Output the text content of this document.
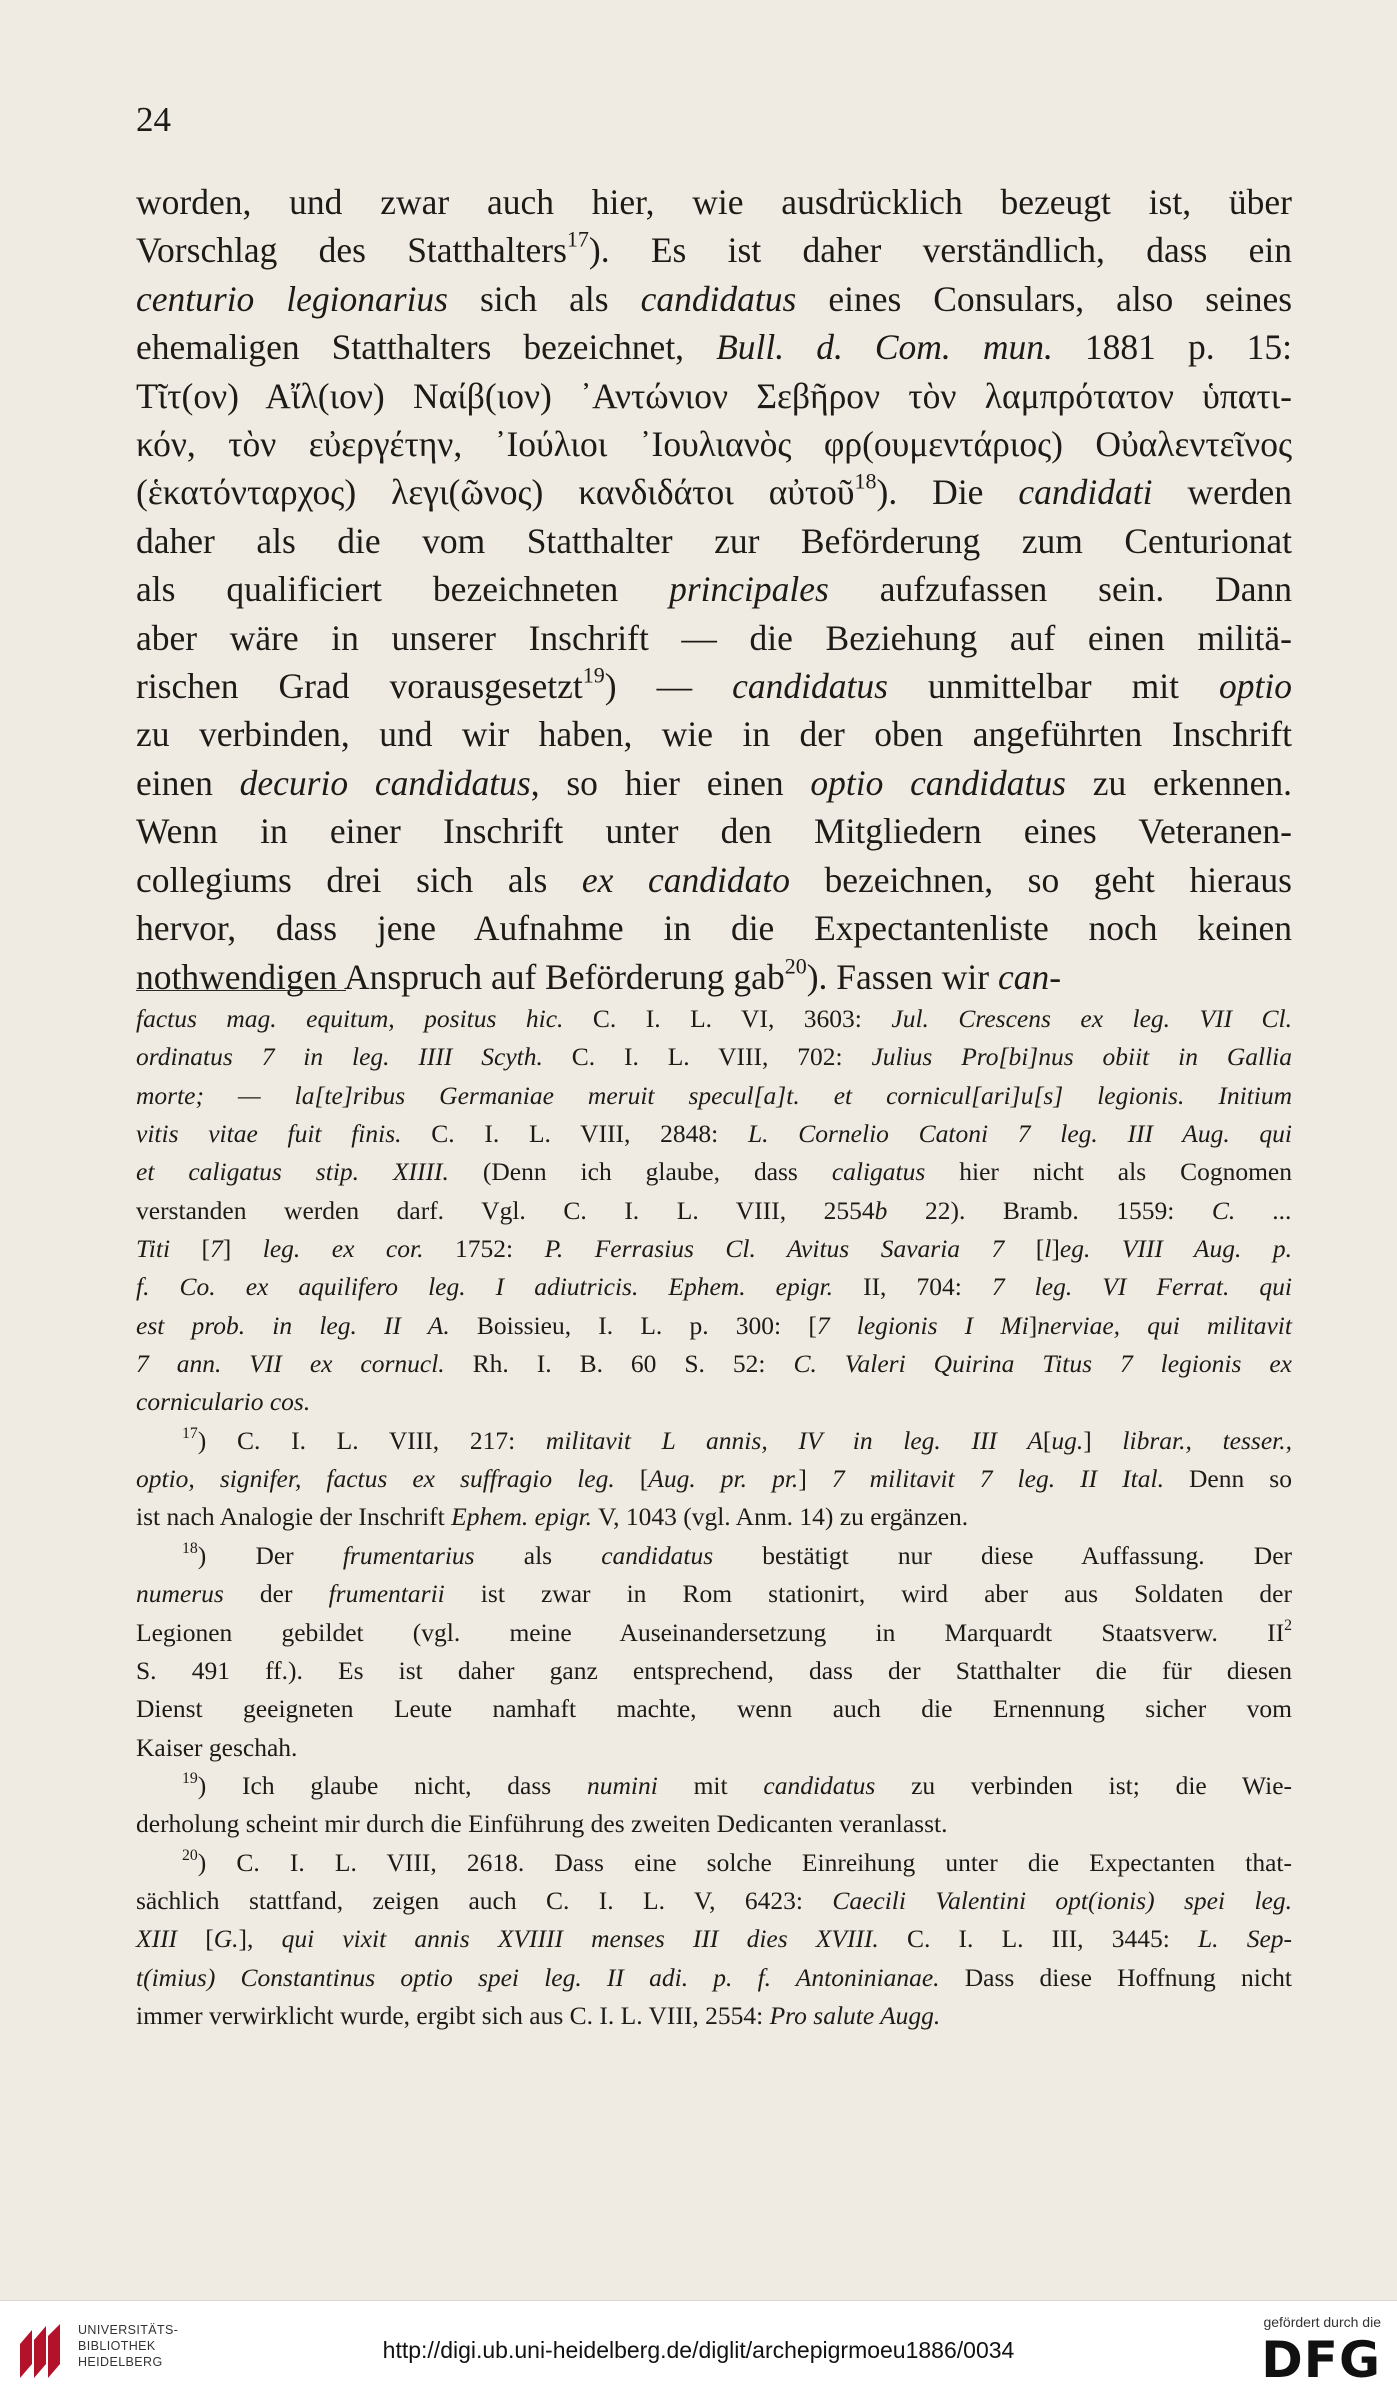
24
worden, und zwar auch hier, wie ausdrücklich bezeugt ist, über
Vorschlag des Statthalters$^{17}$). Es ist daher verständlich, dass ein
centurio legionarius sich als candidatus eines Consulars, also seines
ehemaligen Statthalters bezeichnet, Bull. d. Com. mun. 1881 p. 15:
Τῖτ(ον) Αἴλ(ιον) Ναίβ(ιον) ᾿Αντώνιον Σεβῆρον τὸν λαμπρότατον ὑπατι-
κόν, τὸν εὐεργέτην, ᾿Ιούλιοι ᾿Ιουλιανὸς φρ(ουμεντάριος) Οὐαλεντεῖνος
(ἑκατόνταρχος) λεγι(ῶνος) κανδιδάτοι αὐτοῦ$^{18}$). Die candidati werden
daher als die vom Statthalter zur Beförderung zum Centurionat
als qualificiert bezeichneten principales aufzufassen sein. Dann
aber wäre in unserer Inschrift — die Beziehung auf einen militä-
rischen Grad vorausgesetzt$^{19}$) — candidatus unmittelbar mit optio
zu verbinden, und wir haben, wie in der oben angeführten Inschrift
einen decurio candidatus, so hier einen optio candidatus zu erkennen.
Wenn in einer Inschrift unter den Mitgliedern eines Veteranen-
collegiums drei sich als ex candidato bezeichnen, so geht hieraus
hervor, dass jene Aufnahme in die Expectantenliste noch keinen
nothwendigen Anspruch auf Beförderung gab$^{20}$). Fassen wir can-
factus mag. equitum, positus hic. C. I. L. VI, 3603: Jul. Crescens ex leg. VII Cl.
ordinatus 7 in leg. IIII Scyth. C. I. L. VIII, 702: Julius Pro[bi]nus obiit in Gallia
morte; — la[te]ribus Germaniae meruit specul[a]t. et cornicul[ari]u[s] legionis. Initium
vitis vitae fuit finis. C. I. L. VIII, 2848: L. Cornelio Catoni 7 leg. III Aug. qui
et caligatus stip. XIIII. (Denn ich glaube, dass caligatus hier nicht als Cognomen
verstanden werden darf. Vgl. C. I. L. VIII, 2554b 22). Bramb. 1559: C. ...
Titi [7] leg. ex cor. 1752: P. Ferrasius Cl. Avitus Savaria 7 [l]eg. VIII Aug. p.
f. Co. ex aquilifero leg. I adiutricis. Ephem. epigr. II, 704: 7 leg. VI Ferrat. qui
est prob. in leg. II A. Boissieu, I. L. p. 300: [7 legionis I Mi]nerviae, qui militavit
7 ann. VII ex cornucl. Rh. I. B. 60 S. 52: C. Valeri Quirina Titus 7 legionis ex
corniculario cos.
$^{17}$) C. I. L. VIII, 217: militavit L annis, IV in leg. III A[ug.] librar., tesser.,
optio, signifer, factus ex suffragio leg. [Aug. pr. pr.] 7 militavit 7 leg. II Ital. Denn so
ist nach Analogie der Inschrift Ephem. epigr. V, 1043 (vgl. Anm. 14) zu ergänzen.
$^{18}$) Der frumentarius als candidatus bestätigt nur diese Auffassung. Der
numerus der frumentarii ist zwar in Rom stationirt, wird aber aus Soldaten der
Legionen gebildet (vgl. meine Auseinandersetzung in Marquardt Staatsverw. $II^2$
S. 491 ff.). Es ist daher ganz entsprechend, dass der Statthalter die für diesen
Dienst geeigneten Leute namhaft machte, wenn auch die Ernennung sicher vom
Kaiser geschah.
$^{19}$) Ich glaube nicht, dass numini mit candidatus zu verbinden ist; die Wie-
derholung scheint mir durch die Einführung des zweiten Dedicanten veranlasst.
$^{20}$) C. I. L. VIII, 2618. Dass eine solche Einreihung unter die Expectanten that-
sächlich stattfand, zeigen auch C. I. L. V, 6423: Caecili Valentini opt(ionis) spei leg.
XIII [G.], qui vixit annis XVIIII menses III dies XVIII. C. I. L. III, 3445: L. Sep-
t(imius) Constantinus optio spei leg. II adi. p. f. Antoninianae. Dass diese Hoffnung nicht
immer verwirklicht wurde, ergibt sich aus C. I. L. VIII, 2554: Pro salute Augg.
UNIVERSITÄTS-
BIBLIOTHEK
HEIDELBERG	http://digi.ub.uni-heidelberg.de/diglit/archepigrmoeu1886/0034
gefördert durch die
DFG
